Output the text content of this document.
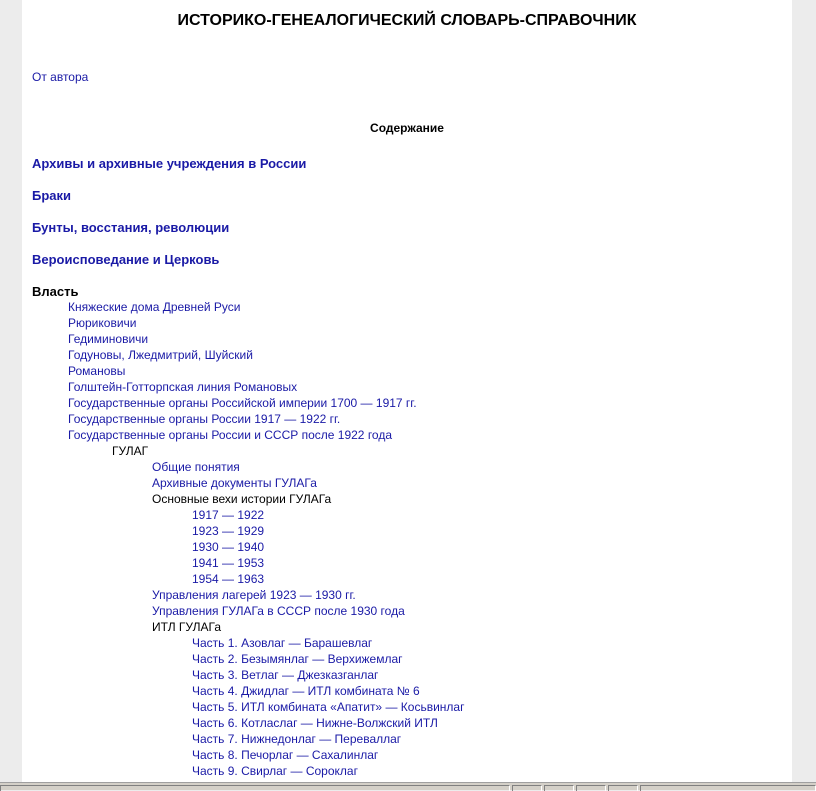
ИСТОРИКО-ГЕНЕАЛОГИЧЕСКИЙ СЛОВАРЬ-СПРАВОЧНИК
От автора
Содержание
Архивы и архивные учреждения в России
Браки
Бунты, восстания, революции
Вероисповедание и Церковь
Власть
Княжеские дома Древней Руси
Рюриковичи
Гедиминовичи
Годуновы, Лжедмитрий, Шуйский
Романовы
Голштейн-Готторпская линия Романовых
Государственные органы Российской империи 1700 — 1917 гг.
Государственные органы России 1917 — 1922 гг.
Государственные органы России и СССР после 1922 года
ГУЛАГ
Общие понятия
Архивные документы ГУЛАГа
Основные вехи истории ГУЛАГа
1917 — 1922
1923 — 1929
1930 — 1940
1941 — 1953
1954 — 1963
Управления лагерей 1923 — 1930 гг.
Управления ГУЛАГа в СССР после 1930 года
ИТЛ ГУЛАГа
Часть 1. Азовлаг — Барашевлаг
Часть 2. Безымянлаг — Верхижемлаг
Часть 3. Ветлаг — Джезказганлаг
Часть 4. Джидлаг — ИТЛ комбината № 6
Часть 5. ИТЛ комбината «Апатит» — Косьвинлаг
Часть 6. Котласлаг — Нижне-Волжский ИТЛ
Часть 7. Нижнедонлаг — Переваллаг
Часть 8. Печорлаг — Сахалинлаг
Часть 9. Свирлаг — Сороклаг
